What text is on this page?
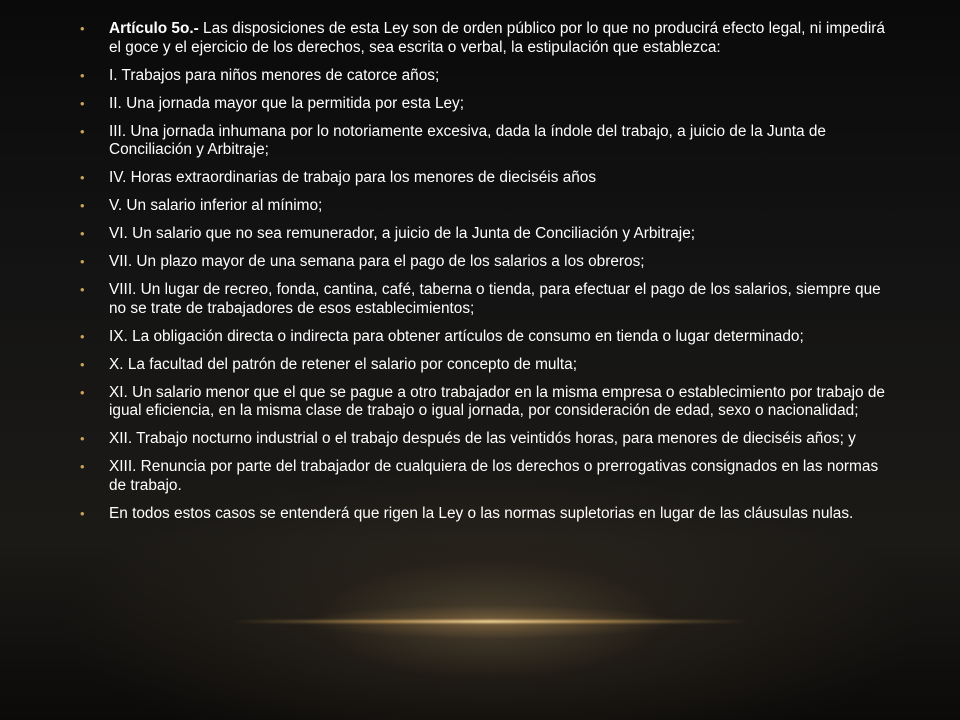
• Artículo 5o.- Las disposiciones de esta Ley son de orden público por lo que no producirá efecto legal, ni impedirá el goce y el ejercicio de los derechos, sea escrita o verbal, la estipulación que establezca:
• I. Trabajos para niños menores de catorce años;
• II. Una jornada mayor que la permitida por esta Ley;
• III. Una jornada inhumana por lo notoriamente excesiva, dada la índole del trabajo, a juicio de la Junta de Conciliación y Arbitraje;
• IV. Horas extraordinarias de trabajo para los menores de dieciséis años
• V. Un salario inferior al mínimo;
• VI. Un salario que no sea remunerador, a juicio de la Junta de Conciliación y Arbitraje;
• VII. Un plazo mayor de una semana para el pago de los salarios a los obreros;
• VIII. Un lugar de recreo, fonda, cantina, café, taberna o tienda, para efectuar el pago de los salarios, siempre que no se trate de trabajadores de esos establecimientos;
• IX. La obligación directa o indirecta para obtener artículos de consumo en tienda o lugar determinado;
• X. La facultad del patrón de retener el salario por concepto de multa;
• XI. Un salario menor que el que se pague a otro trabajador en la misma empresa o establecimiento por trabajo de igual eficiencia, en la misma clase de trabajo o igual jornada, por consideración de edad, sexo o nacionalidad;
• XII. Trabajo nocturno industrial o el trabajo después de las veintidós horas, para menores de dieciséis años; y
• XIII. Renuncia por parte del trabajador de cualquiera de los derechos o prerrogativas consignados en las normas de trabajo.
• En todos estos casos se entenderá que rigen la Ley o las normas supletorias en lugar de las cláusulas nulas.
